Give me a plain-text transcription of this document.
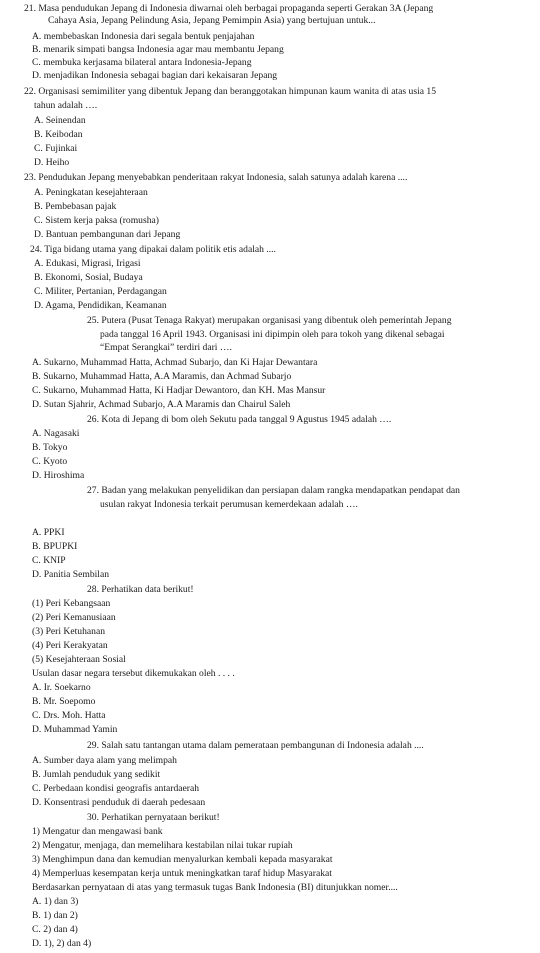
21. Masa pendudukan Jepang di Indonesia diwarnai oleh berbagai propaganda seperti Gerakan 3A (Jepang
Cahaya Asia, Jepang Pelindung Asia, Jepang Pemimpin Asia) yang bertujuan untuk...
A. membebaskan Indonesia dari segala bentuk penjajahan
B. menarik simpati bangsa Indonesia agar mau membantu Jepang
C. membuka kerjasama bilateral antara Indonesia-Jepang
D. menjadikan Indonesia sebagai bagian dari kekaisaran Jepang
22. Organisasi semimiliter yang dibentuk Jepang dan beranggotakan himpunan kaum wanita di atas usia 15
tahun adalah ….
A. Seinendan
B. Keibodan
C. Fujinkai
D. Heiho
23. Pendudukan Jepang menyebabkan penderitaan rakyat Indonesia, salah satunya adalah karena ....
A. Peningkatan kesejahteraan
B. Pembebasan pajak
C. Sistem kerja paksa (romusha)
D. Bantuan pembangunan dari Jepang
24. Tiga bidang utama yang dipakai dalam politik etis adalah ....
A. Edukasi, Migrasi, Irigasi
B. Ekonomi, Sosial, Budaya
C. Militer, Pertanian, Perdagangan
D. Agama, Pendidikan, Keamanan
25. Putera (Pusat Tenaga Rakyat) merupakan organisasi yang dibentuk oleh pemerintah Jepang
pada tanggal 16 April 1943. Organisasi ini dipimpin oleh para tokoh yang dikenal sebagai
“Empat Serangkai” terdiri dari ….
A. Sukarno, Muhammad Hatta, Achmad Subarjo, dan Ki Hajar Dewantara
B. Sukarno, Muhammad Hatta, A.A Maramis, dan Achmad Subarjo
C. Sukarno, Muhammad Hatta, Ki Hadjar Dewantoro, dan KH. Mas Mansur
D. Sutan Sjahrir, Achmad Subarjo, A.A Maramis dan Chairul Saleh
26. Kota di Jepang di bom oleh Sekutu pada tanggal 9 Agustus 1945 adalah ….
A. Nagasaki
B. Tokyo
C. Kyoto
D. Hiroshima
27. Badan yang melakukan penyelidikan dan persiapan dalam rangka mendapatkan pendapat dan
usulan rakyat Indonesia terkait perumusan kemerdekaan adalah ….
A. PPKI
B. BPUPKI
C. KNIP
D. Panitia Sembilan
28. Perhatikan data berikut!
(1) Peri Kebangsaan
(2) Peri Kemanusiaan
(3) Peri Ketuhanan
(4) Peri Kerakyatan
(5) Kesejahteraan Sosial
Usulan dasar negara tersebut dikemukakan oleh . . . .
A. Ir. Soekarno
B. Mr. Soepomo
C. Drs. Moh. Hatta
D. Muhammad Yamin
29. Salah satu tantangan utama dalam pemerataan pembangunan di Indonesia adalah ....
A. Sumber daya alam yang melimpah
B. Jumlah penduduk yang sedikit
C. Perbedaan kondisi geografis antardaerah
D. Konsentrasi penduduk di daerah pedesaan
30. Perhatikan pernyataan berikut!
1) Mengatur dan mengawasi bank
2) Mengatur, menjaga, dan memelihara kestabilan nilai tukar rupiah
3) Menghimpun dana dan kemudian menyalurkan kembali kepada masyarakat
4) Memperluas kesempatan kerja untuk meningkatkan taraf hidup Masyarakat
Berdasarkan pernyataan di atas yang termasuk tugas Bank Indonesia (BI) ditunjukkan nomer....
A. 1) dan 3)
B. 1) dan 2)
C. 2) dan 4)
D. 1), 2) dan 4)
